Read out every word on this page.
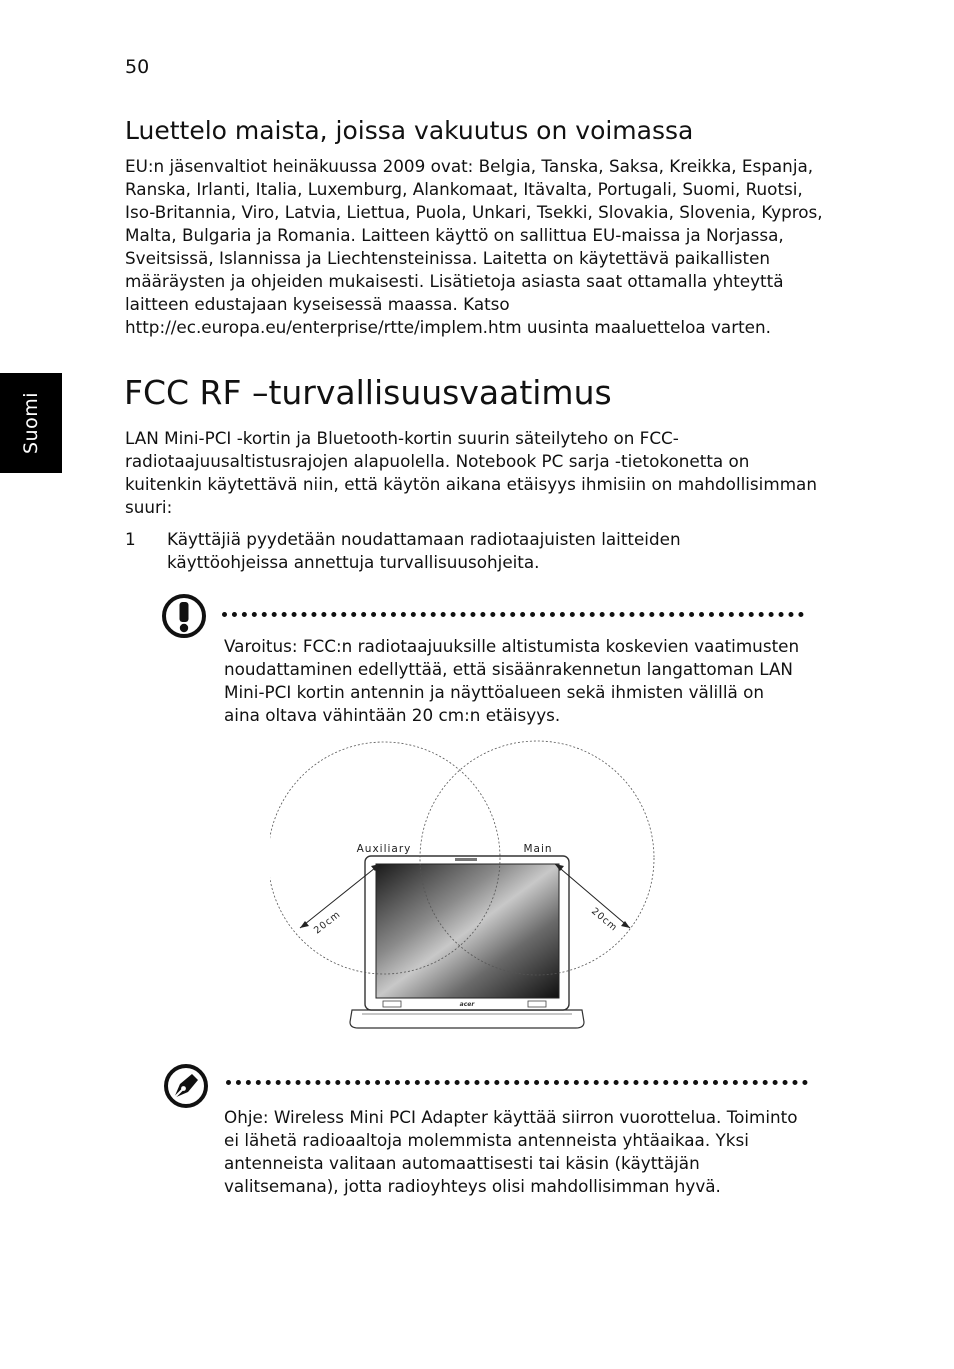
50
Suomi
Luettelo maista, joissa vakuutus on voimassa

EU:n jäsenvaltiot heinäkuussa 2009 ovat: Belgia, Tanska, Saksa, Kreikka, Espanja, Ranska, Irlanti, Italia, Luxemburg, Alankomaat, Itävalta, Portugali, Suomi, Ruotsi, Iso-Britannia, Viro, Latvia, Liettua, Puola, Unkari, Tsekki, Slovakia, Slovenia, Kypros, Malta, Bulgaria ja Romania. Laitteen käyttö on sallittua EU-maissa ja Norjassa, Sveitsissä, Islannissa ja Liechtensteinissa. Laitetta on käytettävä paikallisten määräysten ja ohjeiden mukaisesti. Lisätietoja asiasta saat ottamalla yhteyttä laitteen edustajaan kyseisessä maassa. Katso http://ec.europa.eu/enterprise/rtte/implem.htm uusinta maaluetteloa varten.

FCC RF –turvallisuusvaatimus

LAN Mini-PCI -kortin ja Bluetooth-kortin suurin säteilyteho on FCC-radiotaajuusaltistusrajojen alapuolella. Notebook PC sarja -tietokonetta on kuitenkin käytettävä niin, että käytön aikana etäisyys ihmisiin on mahdollisimman suuri:

1 Käyttäjiä pyydetään noudattamaan radiotaajuisten laitteiden käyttöohjeissa annettuja turvallisuusohjeita.

Varoitus: FCC:n radiotaajuuksille altistumista koskevien vaatimusten noudattaminen edellyttää, että sisäänrakennetun langattoman LAN Mini-PCI kortin antennin ja näyttöalueen sekä ihmisten välillä on aina oltava vähintään 20 cm:n etäisyys.

acer
Auxiliary	Main
20cm	20cm

Ohje: Wireless Mini PCI Adapter käyttää siirron vuorottelua. Toiminto ei lähetä radioaaltoja molemmista antenneista yhtäaikaa. Yksi antenneista valitaan automaattisesti tai käsin (käyttäjän valitsemana), jotta radioyhteys olisi mahdollisimman hyvä.
